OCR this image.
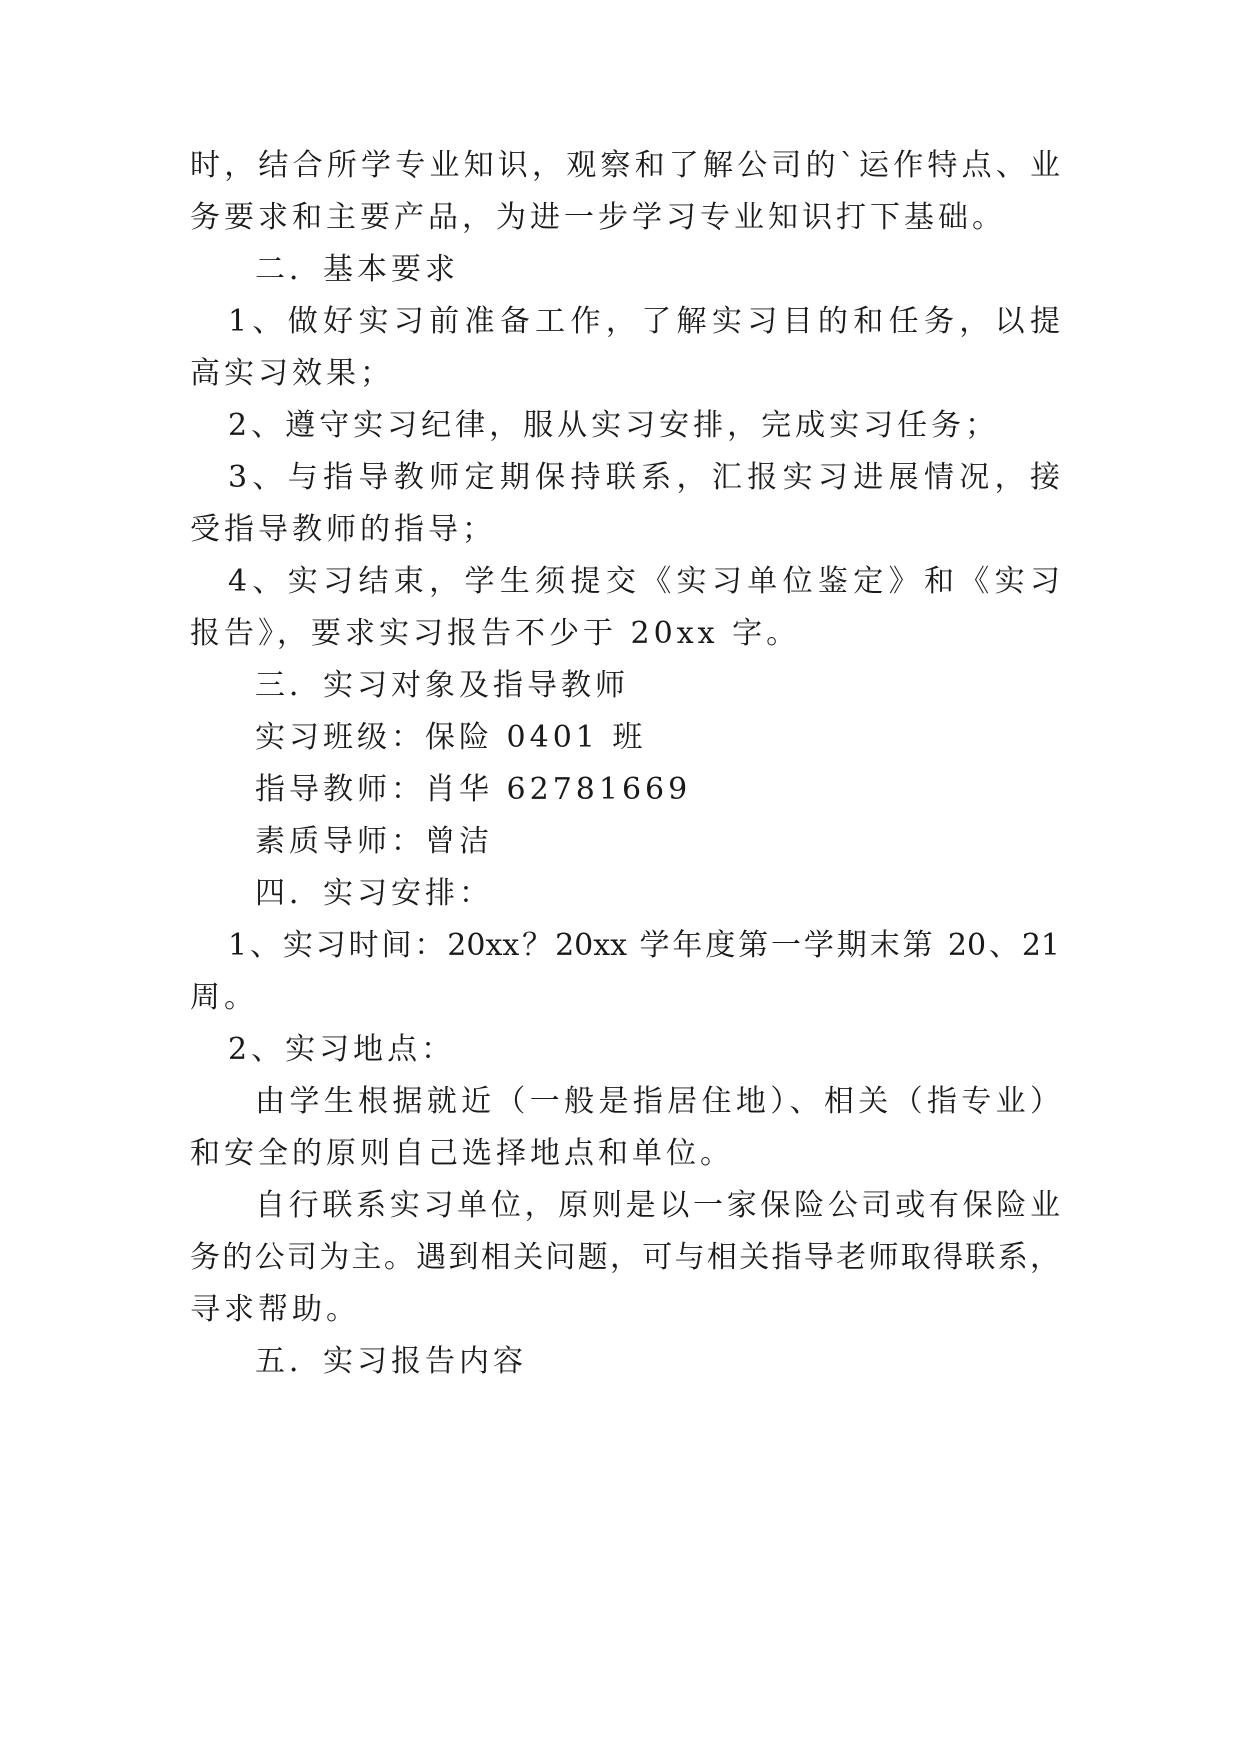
时，结合所学专业知识，观察和了解公司的`运作特点、业
务要求和主要产品，为进一步学习专业知识打下基础。
二．基本要求
1、做好实习前准备工作，了解实习目的和任务，以提
高实习效果；
2、遵守实习纪律，服从实习安排，完成实习任务；
3、与指导教师定期保持联系，汇报实习进展情况，接
受指导教师的指导；
4、实习结束，学生须提交《实习单位鉴定》和《实习
报告》，要求实习报告不少于 20xx 字。
三．实习对象及指导教师
实习班级：保险 0401 班
指导教师：肖华 62781669
素质导师：曾洁
四．实习安排：
1、实习时间：20xx？20xx 学年度第一学期末第 20、21
周。
2、实习地点：
由学生根据就近（一般是指居住地）、相关（指专业）
和安全的原则自己选择地点和单位。
自行联系实习单位，原则是以一家保险公司或有保险业
务的公司为主。遇到相关问题，可与相关指导老师取得联系，
寻求帮助。
五．实习报告内容
